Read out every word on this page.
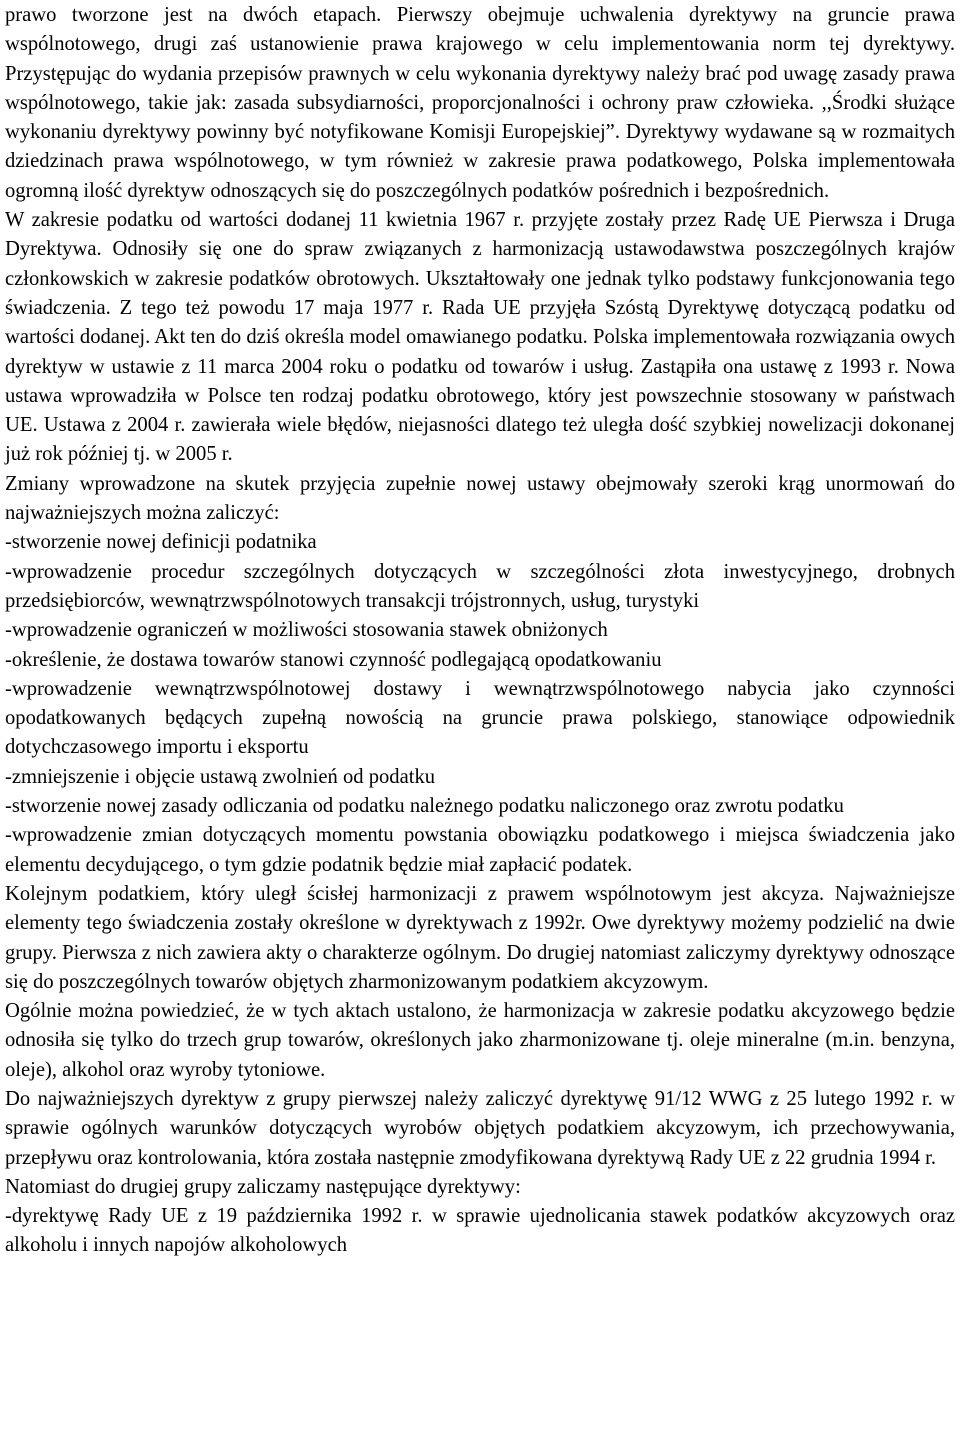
prawo tworzone jest na dwóch etapach. Pierwszy obejmuje uchwalenia dyrektywy na gruncie prawa wspólnotowego, drugi zaś ustanowienie prawa krajowego w celu implementowania norm tej dyrektywy. Przystępując do wydania przepisów prawnych w celu wykonania dyrektywy należy brać pod uwagę zasady prawa wspólnotowego, takie jak: zasada subsydiarności, proporcjonalności i ochrony praw człowieka. ,,Środki służące wykonaniu dyrektywy powinny być notyfikowane Komisji Europejskiej”. Dyrektywy wydawane są w rozmaitych dziedzinach prawa wspólnotowego, w tym również w zakresie prawa podatkowego, Polska implementowała ogromną ilość dyrektyw odnoszących się do poszczególnych podatków pośrednich i bezpośrednich.

W zakresie podatku od wartości dodanej 11 kwietnia 1967 r. przyjęte zostały przez Radę UE Pierwsza i Druga Dyrektywa. Odnosiły się one do spraw związanych z harmonizacją ustawodawstwa poszczególnych krajów członkowskich w zakresie podatków obrotowych. Ukształtowały one jednak tylko podstawy funkcjonowania tego świadczenia. Z tego też powodu 17 maja 1977 r. Rada UE przyjęła Szóstą Dyrektywę dotyczącą podatku od wartości dodanej. Akt ten do dziś określa model omawianego podatku. Polska implementowała rozwiązania owych dyrektyw w ustawie z 11 marca 2004 roku o podatku od towarów i usług. Zastąpiła ona ustawę z 1993 r. Nowa ustawa wprowadziła w Polsce ten rodzaj podatku obrotowego, który jest powszechnie stosowany w państwach UE. Ustawa z 2004 r. zawierała wiele błędów, niejasności dlatego też uległa dość szybkiej nowelizacji dokonanej już rok później tj. w 2005 r.

Zmiany wprowadzone na skutek przyjęcia zupełnie nowej ustawy obejmowały szeroki krąg unormowań do najważniejszych można zaliczyć:

-stworzenie nowej definicji podatnika

-wprowadzenie procedur szczególnych dotyczących w szczególności złota inwestycyjnego, drobnych przedsiębiorców, wewnątrzwspólnotowych transakcji trójstronnych, usług, turystyki

-wprowadzenie ograniczeń w możliwości stosowania stawek obniżonych

-określenie, że dostawa towarów stanowi czynność podlegającą opodatkowaniu

-wprowadzenie wewnątrzwspólnotowej dostawy i wewnątrzwspólnotowego nabycia jako czynności opodatkowanych będących zupełną nowością na gruncie prawa polskiego, stanowiące odpowiednik dotychczasowego importu i eksportu

-zmniejszenie i objęcie ustawą zwolnień od podatku

-stworzenie nowej zasady odliczania od podatku należnego podatku naliczonego oraz zwrotu podatku

-wprowadzenie zmian dotyczących momentu powstania obowiązku podatkowego i miejsca świadczenia jako elementu decydującego, o tym gdzie podatnik będzie miał zapłacić podatek.

Kolejnym podatkiem, który uległ ścisłej harmonizacji z prawem wspólnotowym jest akcyza. Najważniejsze elementy tego świadczenia zostały określone w dyrektywach z 1992r. Owe dyrektywy możemy podzielić na dwie grupy. Pierwsza z nich zawiera akty o charakterze ogólnym. Do drugiej natomiast zaliczymy dyrektywy odnoszące się do poszczególnych towarów objętych zharmonizowanym podatkiem akcyzowym.

Ogólnie można powiedzieć, że w tych aktach ustalono, że harmonizacja w zakresie podatku akcyzowego będzie odnosiła się tylko do trzech grup towarów, określonych jako zharmonizowane tj. oleje mineralne (m.in. benzyna, oleje), alkohol oraz wyroby tytoniowe.

Do najważniejszych dyrektyw z grupy pierwszej należy zaliczyć dyrektywę 91/12 WWG z 25 lutego 1992 r. w sprawie ogólnych warunków dotyczących wyrobów objętych podatkiem akcyzowym, ich przechowywania, przepływu oraz kontrolowania, która została następnie zmodyfikowana dyrektywą Rady UE z 22 grudnia 1994 r.

Natomiast do drugiej grupy zaliczamy następujące dyrektywy:

-dyrektywę Rady UE z 19 października 1992 r. w sprawie ujednolicania stawek podatków akcyzowych oraz alkoholu i innych napojów alkoholowych
